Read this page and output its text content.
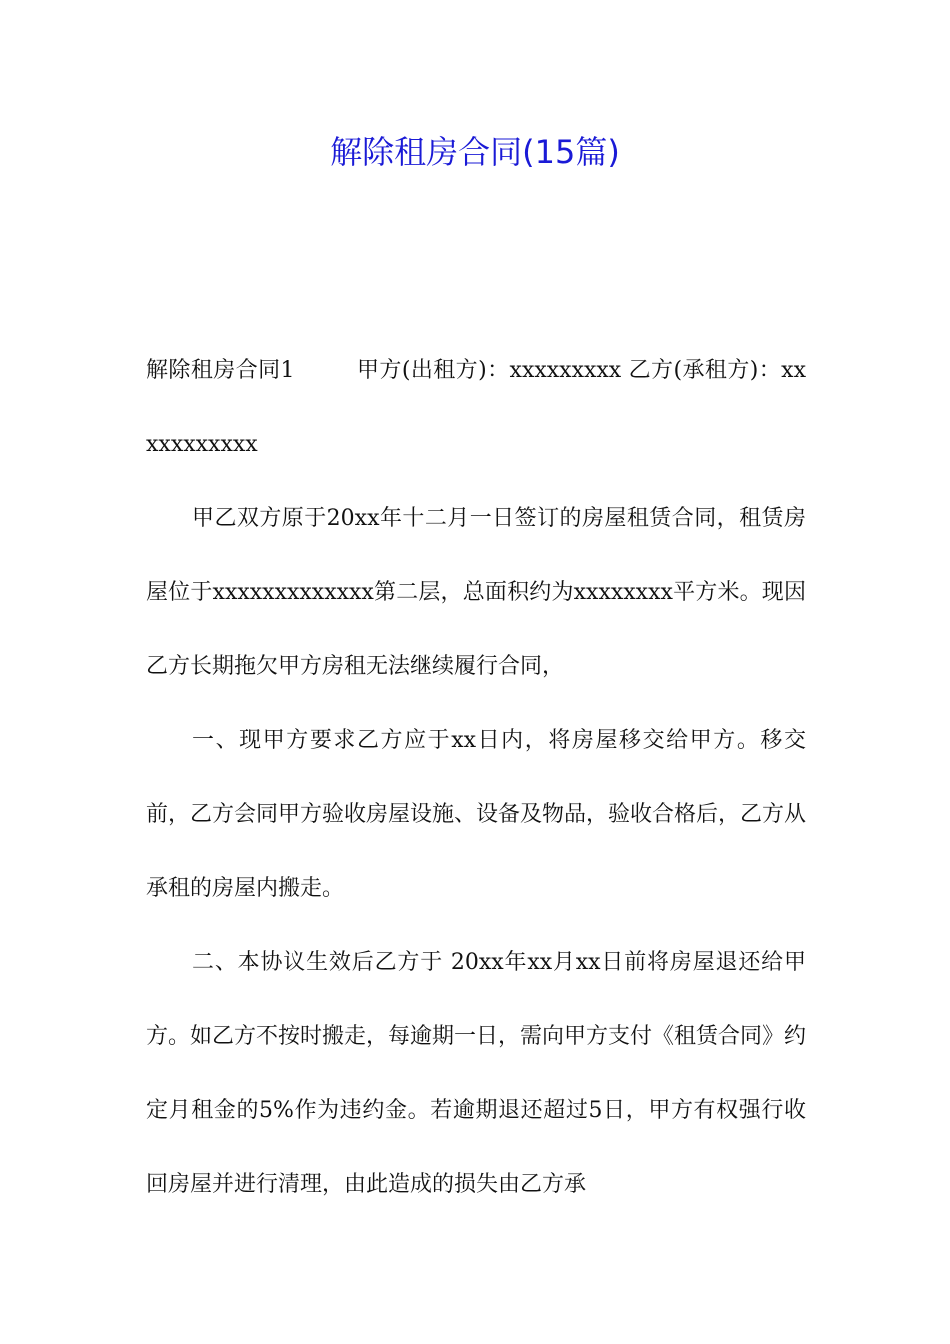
解除租房合同(15篇)

解除租房合同1	甲方(出租方)：xxxxxxxxx 乙方(承租方)：xxxxxxxxxxx

甲乙双方原于20xx年十二月一日签订的房屋租赁合同，租赁房屋位于xxxxxxxxxxxxx第二层，总面积约为xxxxxxxx平方米。现因乙方长期拖欠甲方房租无法继续履行合同，

一、现甲方要求乙方应于xx日内，将房屋移交给甲方。移交前，乙方会同甲方验收房屋设施、设备及物品，验收合格后，乙方从承租的房屋内搬走。

二、本协议生效后乙方于 20xx年xx月xx日前将房屋退还给甲方。如乙方不按时搬走，每逾期一日，需向甲方支付《租赁合同》约定月租金的5%作为违约金。若逾期退还超过5日，甲方有权强行收回房屋并进行清理，由此造成的损失由乙方承
